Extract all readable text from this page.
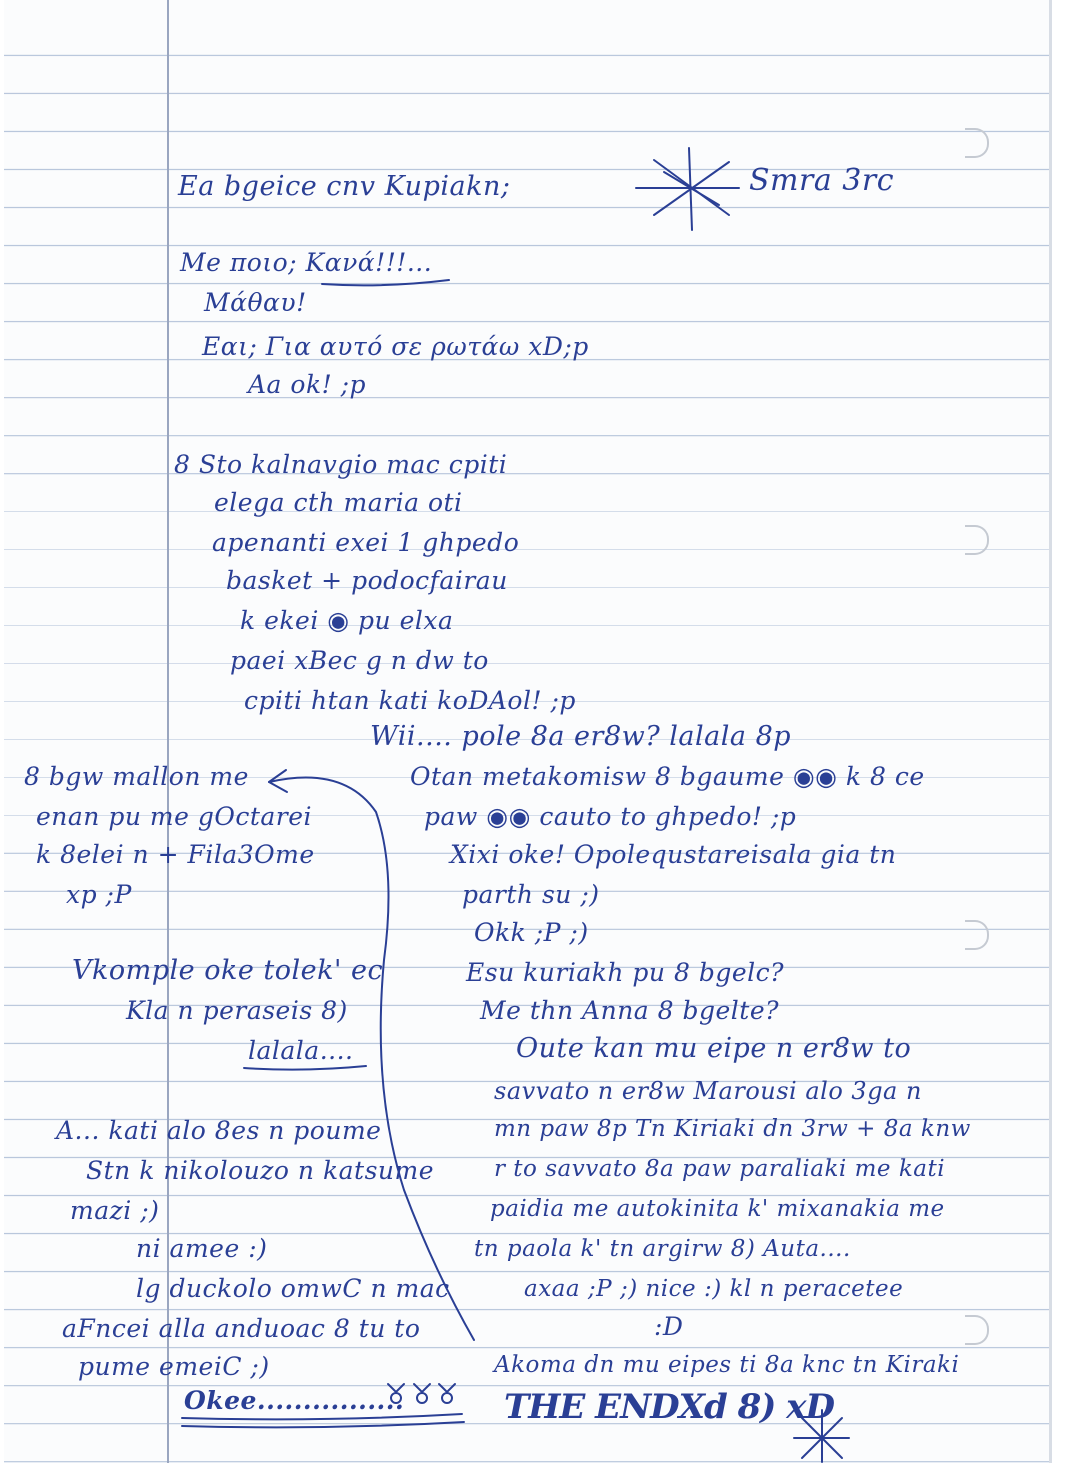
Ea bgeice cnv Kupiakn;	Smra 3rc
Me ποιο; Kανά!!!...
Μάθαυ!
Eαι; Για αυτό σε ρωτάω xD;p
Aa ok! ;p
8 Sto kalnavgio mac cpiti
elega cth maria oti
apenanti exei 1 ghpedo
basket + podocfairau
k ekei ◉ pu elxa
paei xBec g n dw to
cpiti htan kati koDAol! ;p
Wii.... pole 8a er8w? lalala 8p
8 bgw mallon me
enan pu me gOctarei
k 8elei n + Fila3Ome
xp ;P
Vkomple oke tolek' ec
Kla n peraseis 8)
lalala....
A... kati alo 8es n poume
Stn k nikolouzo n katsume
mazi ;)
ni amee :)
lg duckolo omwC n mac
aFncei alla anduoac 8 tu to
pume emeiC ;)
Okee................
Otan metakomisw 8 bgaume ◉◉ k 8 ce
paw ◉◉ cauto to ghpedo! ;p
Xixi oke! Opolequstareisala gia tn
parth su ;)
Okk ;P ;)
Esu kuriakh pu 8 bgelc?
Me thn Anna 8 bgelte?
Oute kan mu eipe n er8w to
savvato n er8w Marousi alo 3ga n
mn paw 8p Tn Kiriaki dn 3rw + 8a knw
r to savvato 8a paw paraliaki me kati
paidia me autokinita k' mixanakia me
tn paola k' tn argirw 8) Auta....
axaa ;P ;) nice :) kl n peracetee
:D
Akoma dn mu eipes ti 8a knc tn Kiraki
THE ENDXd 8) xD
